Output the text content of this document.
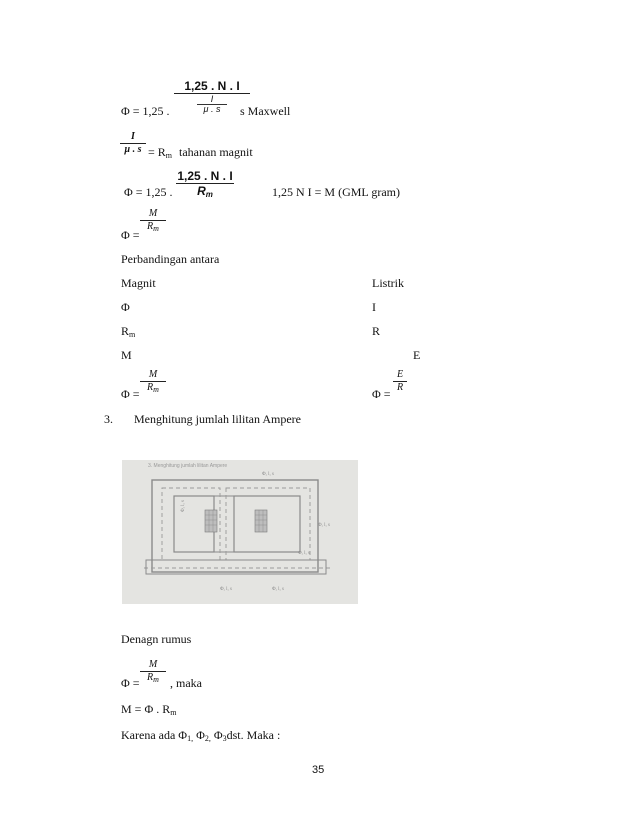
1,25 . N . I
I
μ . s
Φ = 1,25 .	s Maxwell
I
μ . $s = R_m$ tahanan magnit
1,25 . N . I
$R_m$
Φ = 1,25 .	1,25 N I = M (GML gram)
Φ =
M
$R_m$
Perbandingan antara
Magnit	Listrik
Φ	I
$R_m$	R
M	E
Φ =
M
$R_m$	Φ =
E
R
3. Menghitung jumlah lilitan Ampere
3. Menghitung jumlah lilitan Ampere
Φ, l, s
Φ, l, s
Φ, l, s
Φ, l, s	Φ, l, s
Φ, l, s
Denagn rumus
Φ =
M
$R_m$ , maka
M = Φ . $R_m$
Karena ada $\Phi_{1,}$ $\Phi_{2,}$ $\Phi_3dst$. Maka :
35
